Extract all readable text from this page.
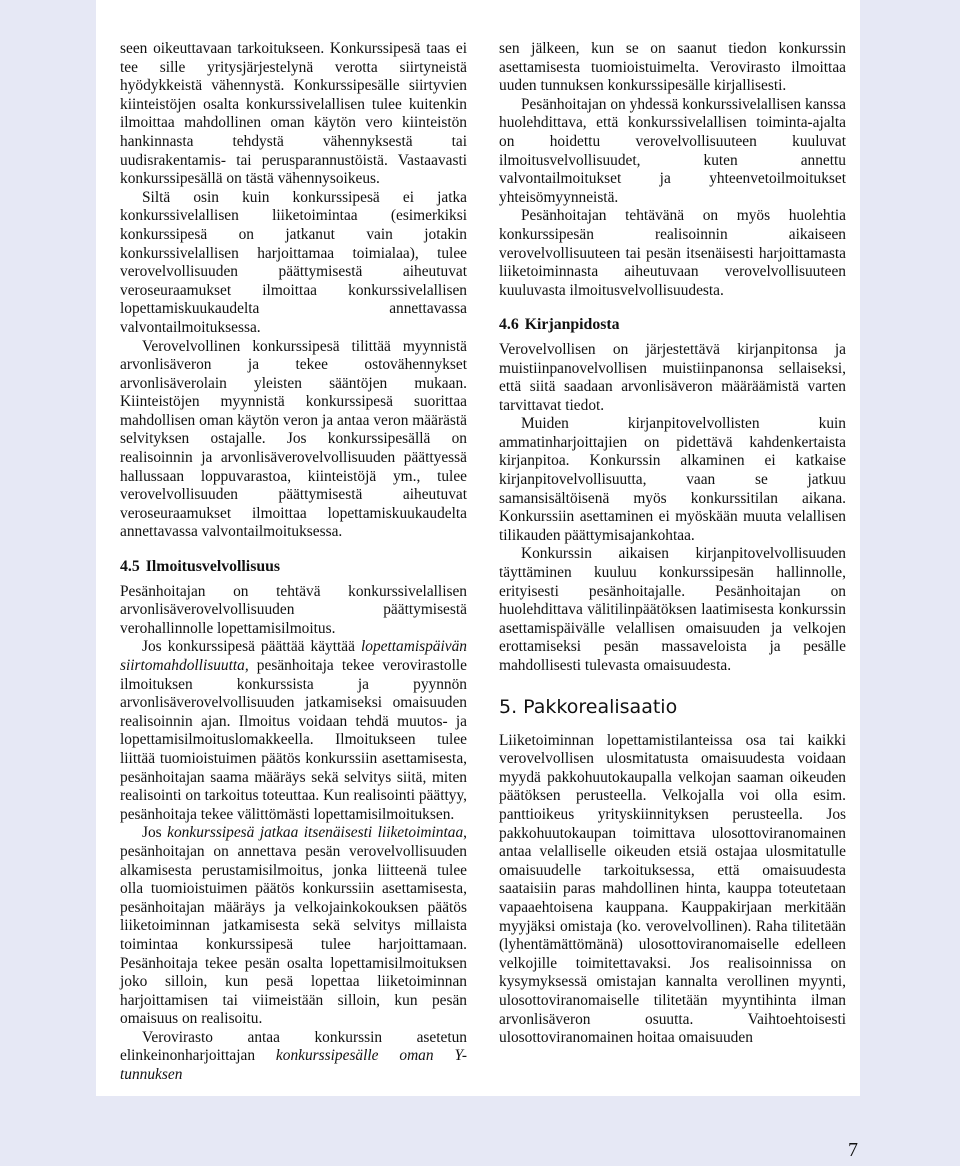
seen oikeuttavaan tarkoitukseen. Konkurssipesä taas ei tee sille yritysjärjestelynä verotta siirtyneistä hyödykkeistä vähennystä. Konkurssipesälle siirtyvien kiinteistöjen osalta konkurssivelallisen tulee kuitenkin ilmoittaa mahdollinen oman käytön vero kiinteistön hankinnasta tehdystä vähennyksestä tai uudisrakentamis- tai perusparannustöistä. Vastaavasti konkurssipesällä on tästä vähennysoikeus.

Siltä osin kuin konkurssipesä ei jatka konkurssivelallisen liiketoimintaa (esimerkiksi konkurssipesä on jatkanut vain jotakin konkurssivelallisen harjoittamaa toimialaa), tulee verovelvollisuuden päättymisestä aiheutuvat veroseuraamukset ilmoittaa konkurssivelallisen lopettamiskuukaudelta annettavassa valvontailmoituksessa.

Verovelvollinen konkurssipesä tilittää myynnistä arvonlisäveron ja tekee ostovähennykset arvonlisäverolain yleisten sääntöjen mukaan. Kiinteistöjen myynnistä konkurssipesä suorittaa mahdollisen oman käytön veron ja antaa veron määrästä selvityksen ostajalle. Jos konkurssipesällä on realisoinnin ja arvonlisäverovelvollisuuden päättyessä hallussaan loppuvarastoa, kiinteistöjä ym., tulee verovelvollisuuden päättymisestä aiheutuvat veroseuraamukset ilmoittaa lopettamiskuukaudelta annettavassa valvontailmoituksessa.

4.5 Ilmoitusvelvollisuus

Pesänhoitajan on tehtävä konkurssivelallisen arvonlisäverovelvollisuuden päättymisestä verohallinnolle lopettamisilmoitus.

Jos konkurssipesä päättää käyttää lopettamispäivän siirtomahdollisuutta, pesänhoitaja tekee verovirastolle ilmoituksen konkurssista ja pyynnön arvonlisäverovelvollisuuden jatkamiseksi omaisuuden realisoinnin ajan. Ilmoitus voidaan tehdä muutos- ja lopettamisilmoituslomakkeella. Ilmoitukseen tulee liittää tuomioistuimen päätös konkurssiin asettamisesta, pesänhoitajan saama määräys sekä selvitys siitä, miten realisointi on tarkoitus toteuttaa. Kun realisointi päättyy, pesänhoitaja tekee välittömästi lopettamisilmoituksen.

Jos konkurssipesä jatkaa itsenäisesti liiketoimintaa, pesänhoitajan on annettava pesän verovelvollisuuden alkamisesta perustamisilmoitus, jonka liitteenä tulee olla tuomioistuimen päätös konkurssiin asettamisesta, pesänhoitajan määräys ja velkojainkokouksen päätös liiketoiminnan jatkamisesta sekä selvitys millaista toimintaa konkurssipesä tulee harjoittamaan. Pesänhoitaja tekee pesän osalta lopettamisilmoituksen joko silloin, kun pesä lopettaa liiketoiminnan harjoittamisen tai viimeistään silloin, kun pesän omaisuus on realisoitu.

Verovirasto antaa konkurssin asetetun elinkeinonharjoittajan konkurssipesälle oman Y-tunnuksen

sen jälkeen, kun se on saanut tiedon konkurssin asettamisesta tuomioistuimelta. Verovirasto ilmoittaa uuden tunnuksen konkurssipesälle kirjallisesti.

Pesänhoitajan on yhdessä konkurssivelallisen kanssa huolehdittava, että konkurssivelallisen toiminta-ajalta on hoidettu verovelvollisuuteen kuuluvat ilmoitusvelvollisuudet, kuten annettu valvontailmoitukset ja yhteenvetoilmoitukset yhteisömyynneistä.

Pesänhoitajan tehtävänä on myös huolehtia konkurssipesän realisoinnin aikaiseen verovelvollisuuteen tai pesän itsenäisesti harjoittamasta liiketoiminnasta aiheutuvaan verovelvollisuuteen kuuluvasta ilmoitusvelvollisuudesta.

4.6 Kirjanpidosta

Verovelvollisen on järjestettävä kirjanpitonsa ja muistiinpanovelvollisen muistiinpanonsa sellaiseksi, että siitä saadaan arvonlisäveron määräämistä varten tarvittavat tiedot.

Muiden kirjanpitovelvollisten kuin ammatinharjoittajien on pidettävä kahdenkertaista kirjanpitoa. Konkurssin alkaminen ei katkaise kirjanpitovelvollisuutta, vaan se jatkuu samansisältöisenä myös konkurssitilan aikana. Konkurssiin asettaminen ei myöskään muuta velallisen tilikauden päättymisajankohtaa.

Konkurssin aikaisen kirjanpitovelvollisuuden täyttäminen kuuluu konkurssipesän hallinnolle, erityisesti pesänhoitajalle. Pesänhoitajan on huolehdittava välitilinpäätöksen laatimisesta konkurssin asettamispäivälle velallisen omaisuuden ja velkojen erottamiseksi pesän massaveloista ja pesälle mahdollisesti tulevasta omaisuudesta.

5. Pakkorealisaatio

Liiketoiminnan lopettamistilanteissa osa tai kaikki verovelvollisen ulosmitatusta omaisuudesta voidaan myydä pakkohuutokaupalla velkojan saaman oikeuden päätöksen perusteella. Velkojalla voi olla esim. panttioikeus yrityskiinnityksen perusteella. Jos pakkohuutokaupan toimittava ulosottoviranomainen antaa velalliselle oikeuden etsiä ostajaa ulosmitatulle omaisuudelle tarkoituksessa, että omaisuudesta saataisiin paras mahdollinen hinta, kauppa toteutetaan vapaaehtoisena kauppana. Kauppakirjaan merkitään myyjäksi omistaja (ko. verovelvollinen). Raha tilitetään (lyhentämättömänä) ulosottoviranomaiselle edelleen velkojille toimitettavaksi. Jos realisoinnissa on kysymyksessä omistajan kannalta verollinen myynti, ulosottoviranomaiselle tilitetään myyntihinta ilman arvonlisäveron osuutta. Vaihtoehtoisesti ulosottoviranomainen hoitaa omaisuuden

7
